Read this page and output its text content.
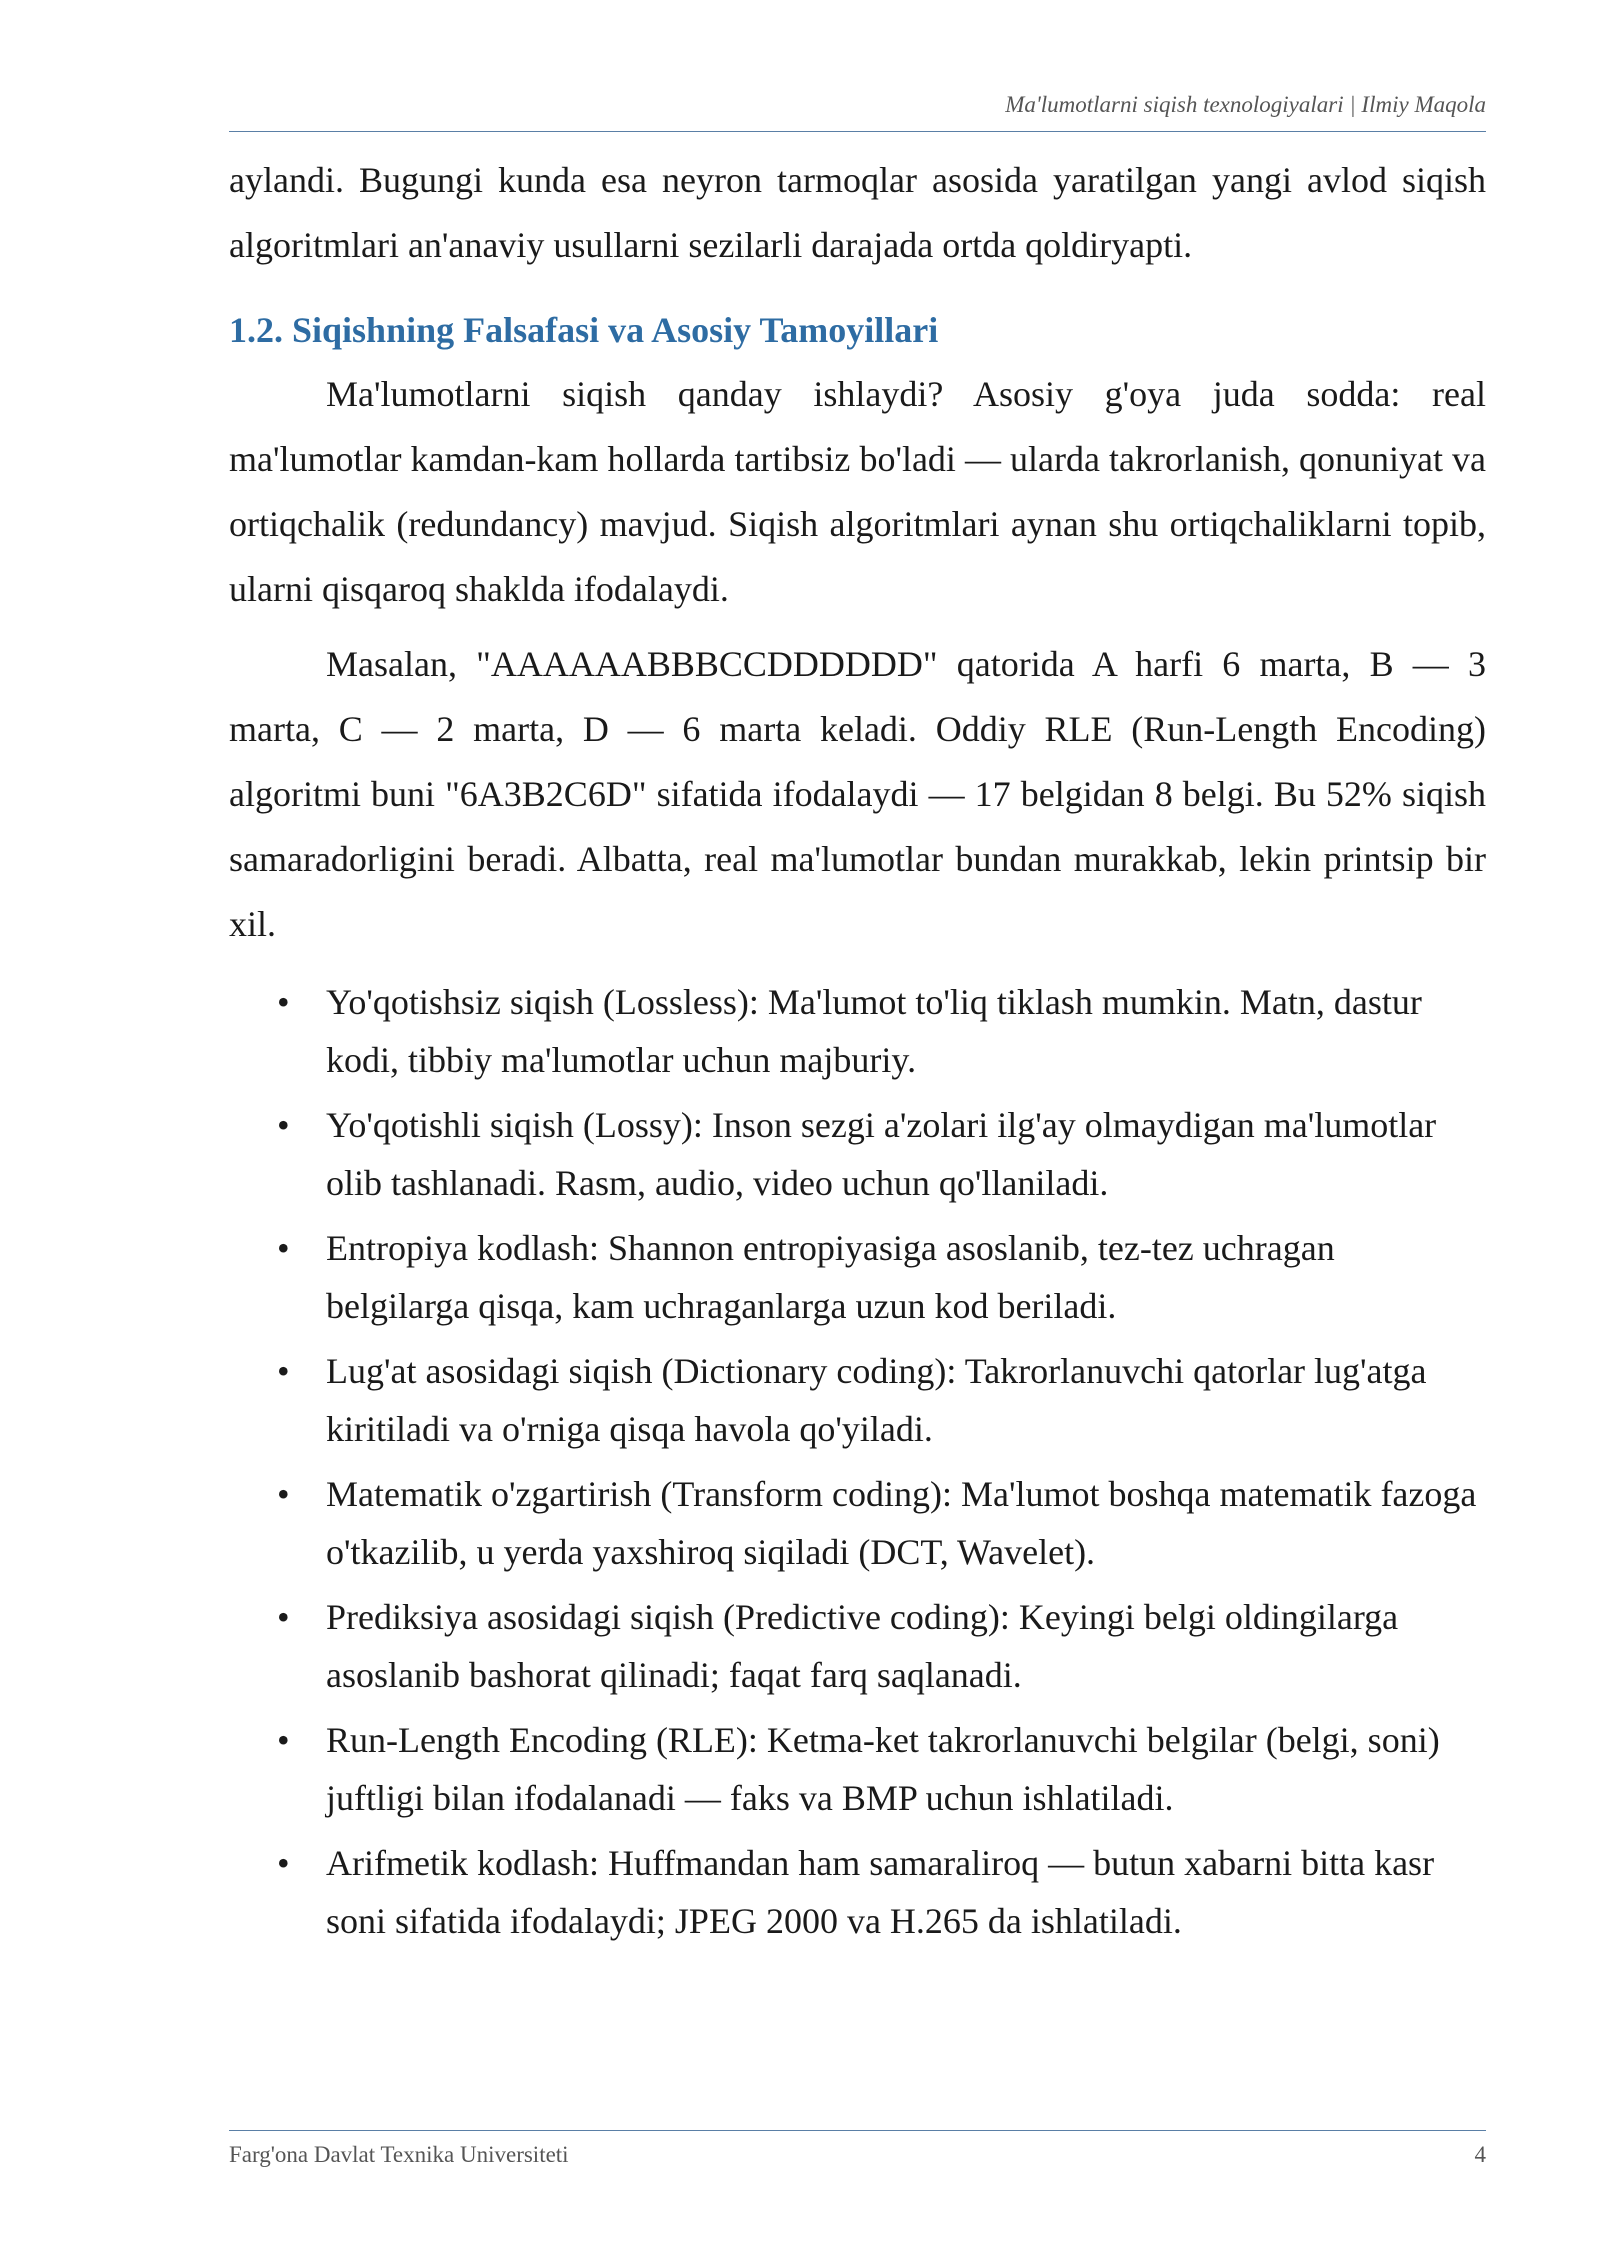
Ma'lumotlarni siqish texnologiyalari | Ilmiy Maqola

aylandi. Bugungi kunda esa neyron tarmoqlar asosida yaratilgan yangi avlod siqish algoritmlari an'anaviy usullarni sezilarli darajada ortda qoldiryapti.

1.2. Siqishning Falsafasi va Asosiy Tamoyillari

Ma'lumotlarni siqish qanday ishlaydi? Asosiy g'oya juda sodda: real ma'lumotlar kamdan-kam hollarda tartibsiz bo'ladi — ularda takrorlanish, qonuniyat va ortiqchalik (redundancy) mavjud. Siqish algoritmlari aynan shu ortiqchaliklarni topib, ularni qisqaroq shaklda ifodalaydi.

Masalan, "AAAAAABBBCCDDDDDD" qatorida A harfi 6 marta, B — 3 marta, C — 2 marta, D — 6 marta keladi. Oddiy RLE (Run-Length Encoding) algoritmi buni "6A3B2C6D" sifatida ifodalaydi — 17 belgidan 8 belgi. Bu 52% siqish samaradorligini beradi. Albatta, real ma'lumotlar bundan murakkab, lekin printsip bir xil.

• Yo'qotishsiz siqish (Lossless): Ma'lumot to'liq tiklash mumkin. Matn, dastur kodi, tibbiy ma'lumotlar uchun majburiy.
• Yo'qotishli siqish (Lossy): Inson sezgi a'zolari ilg'ay olmaydigan ma'lumotlar olib tashlanadi. Rasm, audio, video uchun qo'llaniladi.
• Entropiya kodlash: Shannon entropiyasiga asoslanib, tez-tez uchragan belgilarga qisqa, kam uchraganlarga uzun kod beriladi.
• Lug'at asosidagi siqish (Dictionary coding): Takrorlanuvchi qatorlar lug'atga kiritiladi va o'rniga qisqa havola qo'yiladi.
• Matematik o'zgartirish (Transform coding): Ma'lumot boshqa matematik fazoga o'tkazilib, u yerda yaxshiroq siqiladi (DCT, Wavelet).
• Prediksiya asosidagi siqish (Predictive coding): Keyingi belgi oldingilarga asoslanib bashorat qilinadi; faqat farq saqlanadi.
• Run-Length Encoding (RLE): Ketma-ket takrorlanuvchi belgilar (belgi, soni) juftligi bilan ifodalanadi — faks va BMP uchun ishlatiladi.
• Arifmetik kodlash: Huffmandan ham samaraliroq — butun xabarni bitta kasr soni sifatida ifodalaydi; JPEG 2000 va H.265 da ishlatiladi.
Farg'ona Davlat Texnika Universiteti	4
